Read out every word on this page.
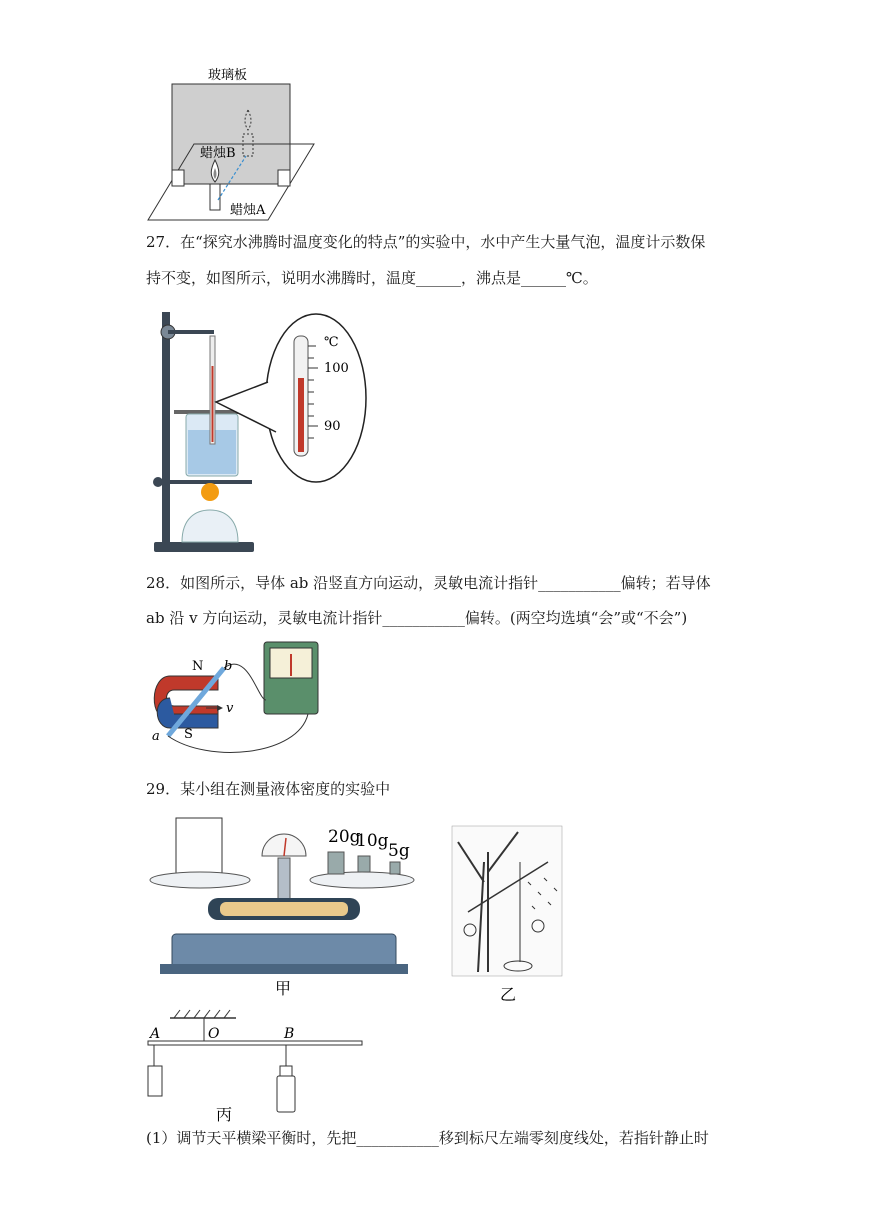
玻璃板
蜡烛B
蜡烛A
27．在“探究水沸腾时温度变化的特点”的实验中，水中产生大量气泡，温度计示数保
持不变，如图所示，说明水沸腾时，温度______，沸点是______℃。
℃
100
90
28．如图所示，导体 ab 沿竖直方向运动，灵敏电流计指针___________偏转；若导体
ab 沿 v 方向运动，灵敏电流计指针___________偏转。(两空均选填“会”或“不会”)
N b
v
S
a
29．某小组在测量液体密度的实验中
20g
10g 5g
甲	乙
A	O	B
丙
(1）调节天平横梁平衡时，先把___________移到标尺左端零刻度线处，若指针静止时
